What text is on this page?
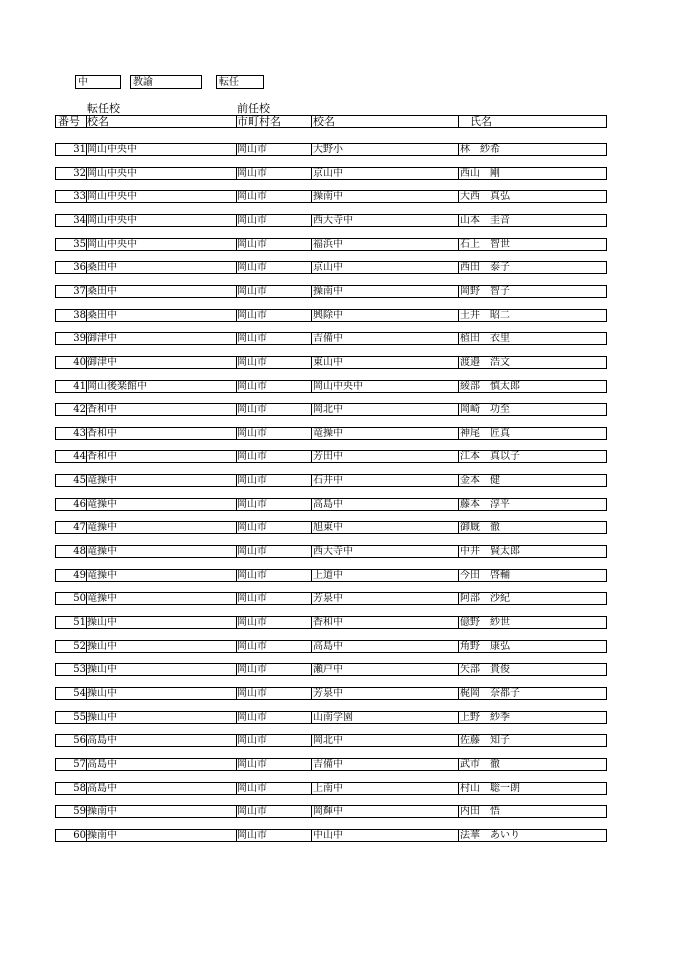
中	教諭	転任
転任校	前任校
番号 校名	市町村名	校名	氏名
31 岡山中央中	岡山市	大野小	林　紗希
32 岡山中央中	岡山市	京山中	西山　剛
33 岡山中央中	岡山市	操南中	大西　真弘
34 岡山中央中	岡山市	西大寺中	山本　圭音
35 岡山中央中	岡山市	福浜中	石上　智世
36 桑田中	岡山市	京山中	西田　泰子
37 桑田中	岡山市	操南中	岡野　智子
38 桑田中	岡山市	興除中	土井　昭二
39 御津中	岡山市	吉備中	植田　衣里
40 御津中	岡山市	東山中	渡邉　浩文
41 岡山後楽館中	岡山市	岡山中央中	綾部　慎太郎
42 香和中	岡山市	岡北中	岡崎　功至
43 香和中	岡山市	竜操中	神尾　匠真
44 香和中	岡山市	芳田中	江本　真以子
45 竜操中	岡山市	石井中	金本　健
46 竜操中	岡山市	高島中	藤本　淳平
47 竜操中	岡山市	旭東中	御厩　徹
48 竜操中	岡山市	西大寺中	中井　賢太郎
49 竜操中	岡山市	上道中	今田　啓輔
50 竜操中	岡山市	芳泉中	阿部　沙紀
51 操山中	岡山市	香和中	億野　紗世
52 操山中	岡山市	高島中	角野　康弘
53 操山中	岡山市	瀬戸中	矢部　貴俊
54 操山中	岡山市	芳泉中	梶岡　奈都子
55 操山中	岡山市	山南学園	上野　紗季
56 高島中	岡山市	岡北中	佐藤　知子
57 高島中	岡山市	吉備中	武市　徹
58 高島中	岡山市	上南中	村山　聡一朗
59 操南中	岡山市	岡輝中	内田　悟
60 操南中	岡山市	中山中	法華　あいり
